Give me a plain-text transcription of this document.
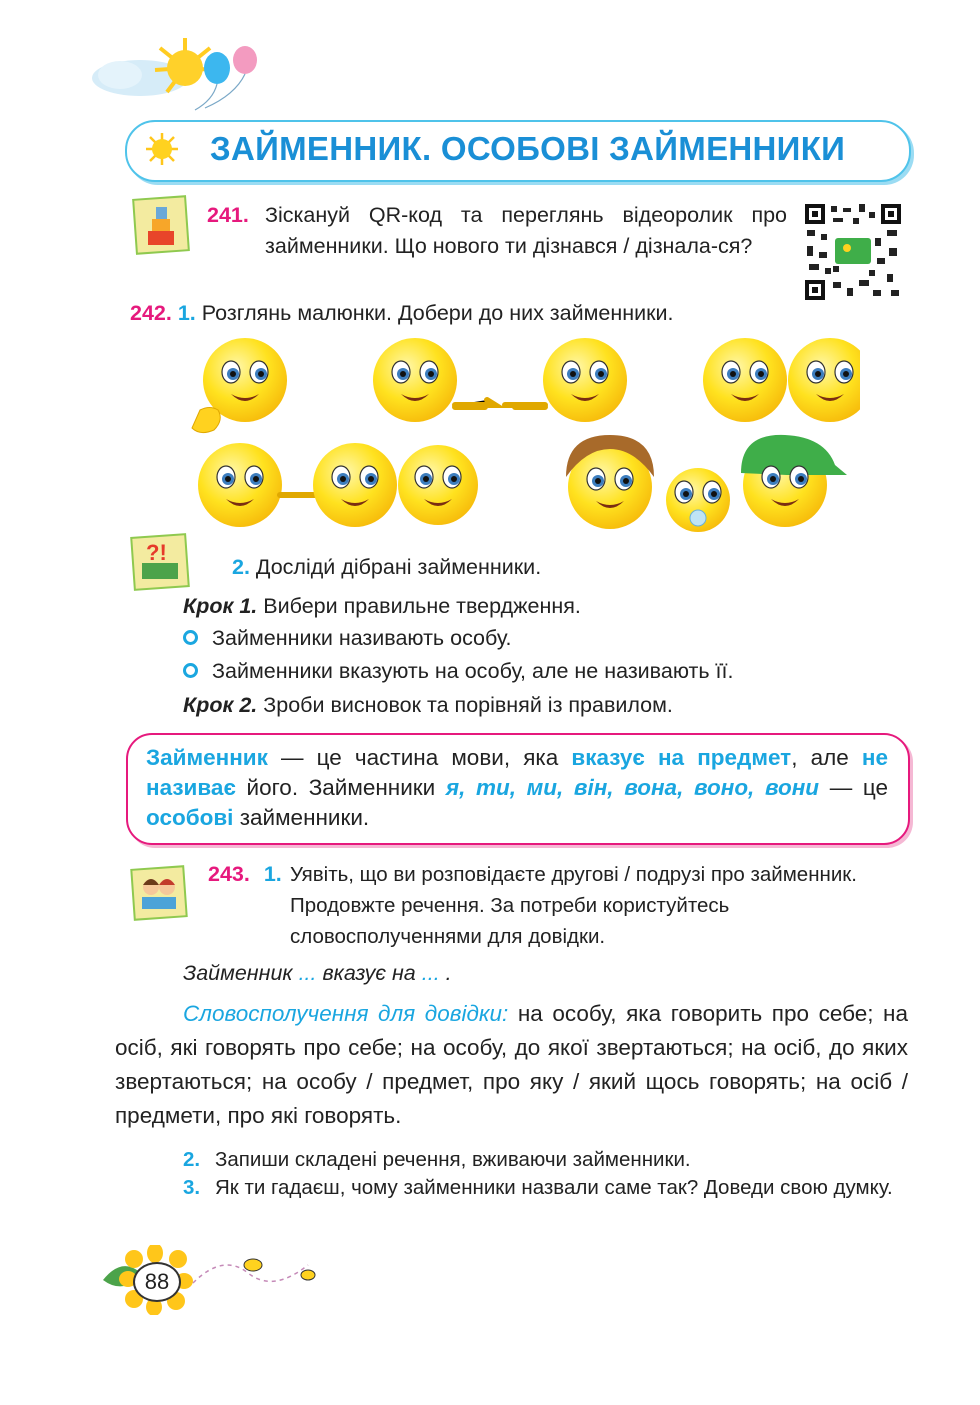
ЗАЙМЕННИК. ОСОБОВІ ЗАЙМЕННИКИ
241. Зіскануй QR-код та переглянь відеоролик про займенники. Що нового ти дізнався / дізнала-ся?
242. 1. Розглянь малюнки. Добери до них займенники.
?!
2. Досліди́ дібрані займенники.
Крок 1. Вибери правильне твердження.
Займенники називають особу.
Займенники вказують на особу, але не називають її.
Крок 2. Зроби висновок та порівняй із правилом.
Займенник — це частина мови, яка вказує на предмет, але не називає його. Займенники я, ти, ми, він, вона, воно, вони — це особові займенники.
243. 1. Уявіть, що ви розповідаєте другові / подрузі про займенник. Продовжте речення. За потреби користуйтесь словосполученнями для довідки.
Займенник ... вказує на ... .
Словосполучення для довідки: на особу, яка говорить про себе; на осіб, які говорять про себе; на особу, до якої звертаються; на осіб, до яких звертаються; на особу / предмет, про яку / який щось говорять; на осіб / предмети, про які говорять.
2. Запиши складені речення, вживаючи займенники.
3. Як ти гадаєш, чому займенники назвали саме так? Доведи свою думку.
88
